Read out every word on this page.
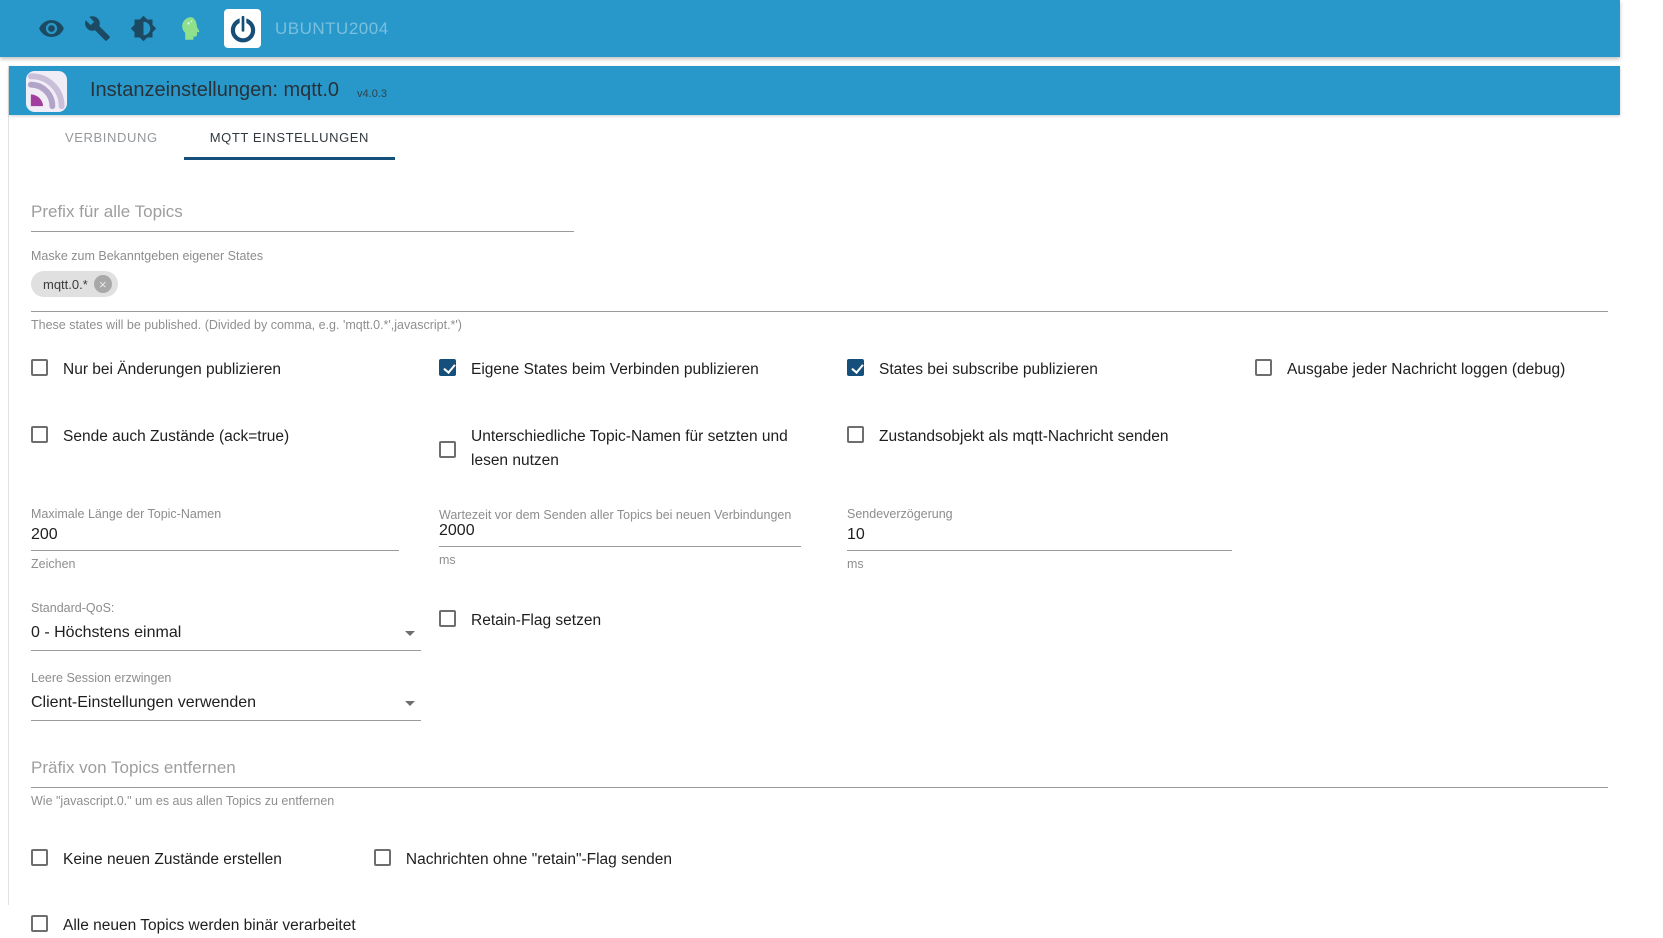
UBUNTU2004
Instanzeinstellungen: mqtt.0 v4.0.3
VERBINDUNG	MQTT EINSTELLUNGEN
Prefix für alle Topics
Maske zum Bekanntgeben eigener States
mqtt.0.* ×
These states will be published. (Divided by comma, e.g. 'mqtt.0.*',javascript.*')
Nur bei Änderungen publizieren	Eigene States beim Verbinden publizieren	States bei subscribe publizieren	Ausgabe jeder Nachricht loggen (debug)
Sende auch Zustände (ack=true)	Unterschiedliche Topic-Namen für setzten und lesen nutzen
Zustandsobjekt als mqtt-Nachricht senden
Maximale Länge der Topic-Namen
200
Zeichen
Wartezeit vor dem Senden aller Topics bei neuen Verbindungen
2000
ms
Sendeverzögerung
10
ms
Standard-QoS:
0 - Höchstens einmal
Leere Session erzwingen
Client-Einstellungen verwenden
Retain-Flag setzen
Präfix von Topics entfernen
Wie "javascript.0." um es aus allen Topics zu entfernen
Keine neuen Zustände erstellen	Nachrichten ohne "retain"-Flag senden
Alle neuen Topics werden binär verarbeitet
